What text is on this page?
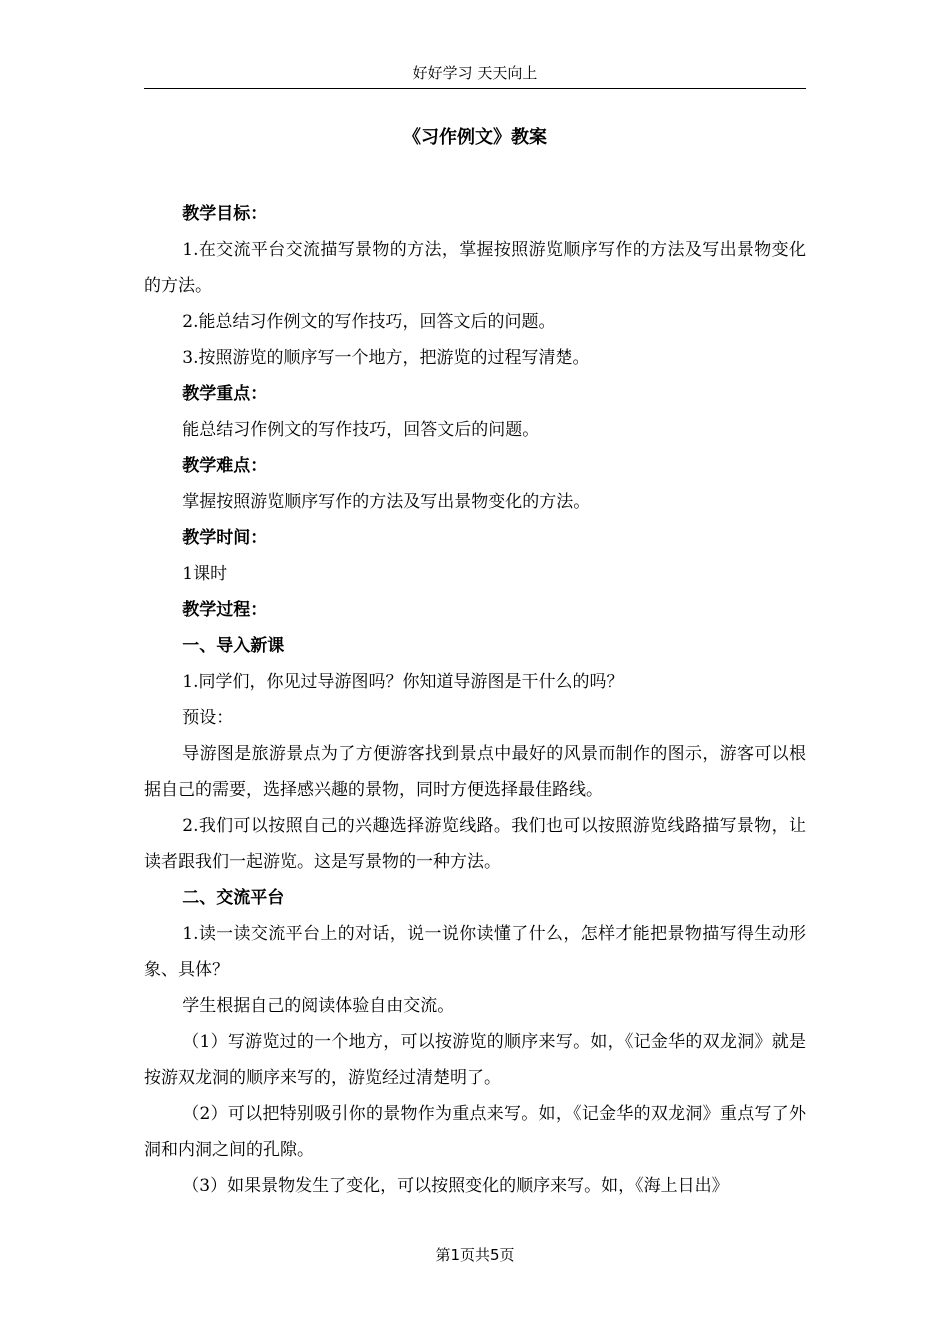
好好学习 天天向上
《习作例文》教案
教学目标：
1.在交流平台交流描写景物的方法，掌握按照游览顺序写作的方法及写出景物变化的方法。
2.能总结习作例文的写作技巧，回答文后的问题。
3.按照游览的顺序写一个地方，把游览的过程写清楚。
教学重点：
能总结习作例文的写作技巧，回答文后的问题。
教学难点：
掌握按照游览顺序写作的方法及写出景物变化的方法。
教学时间：
1课时
教学过程：
一、导入新课
1.同学们，你见过导游图吗？你知道导游图是干什么的吗？
预设：
导游图是旅游景点为了方便游客找到景点中最好的风景而制作的图示，游客可以根据自己的需要，选择感兴趣的景物，同时方便选择最佳路线。
2.我们可以按照自己的兴趣选择游览线路。我们也可以按照游览线路描写景物，让读者跟我们一起游览。这是写景物的一种方法。
二、交流平台
1.读一读交流平台上的对话，说一说你读懂了什么，怎样才能把景物描写得生动形象、具体？
学生根据自己的阅读体验自由交流。
（1）写游览过的一个地方，可以按游览的顺序来写。如，《记金华的双龙洞》就是按游双龙洞的顺序来写的，游览经过清楚明了。
（2）可以把特别吸引你的景物作为重点来写。如，《记金华的双龙洞》重点写了外洞和内洞之间的孔隙。
（3）如果景物发生了变化，可以按照变化的顺序来写。如，《海上日出》
第1页共5页
